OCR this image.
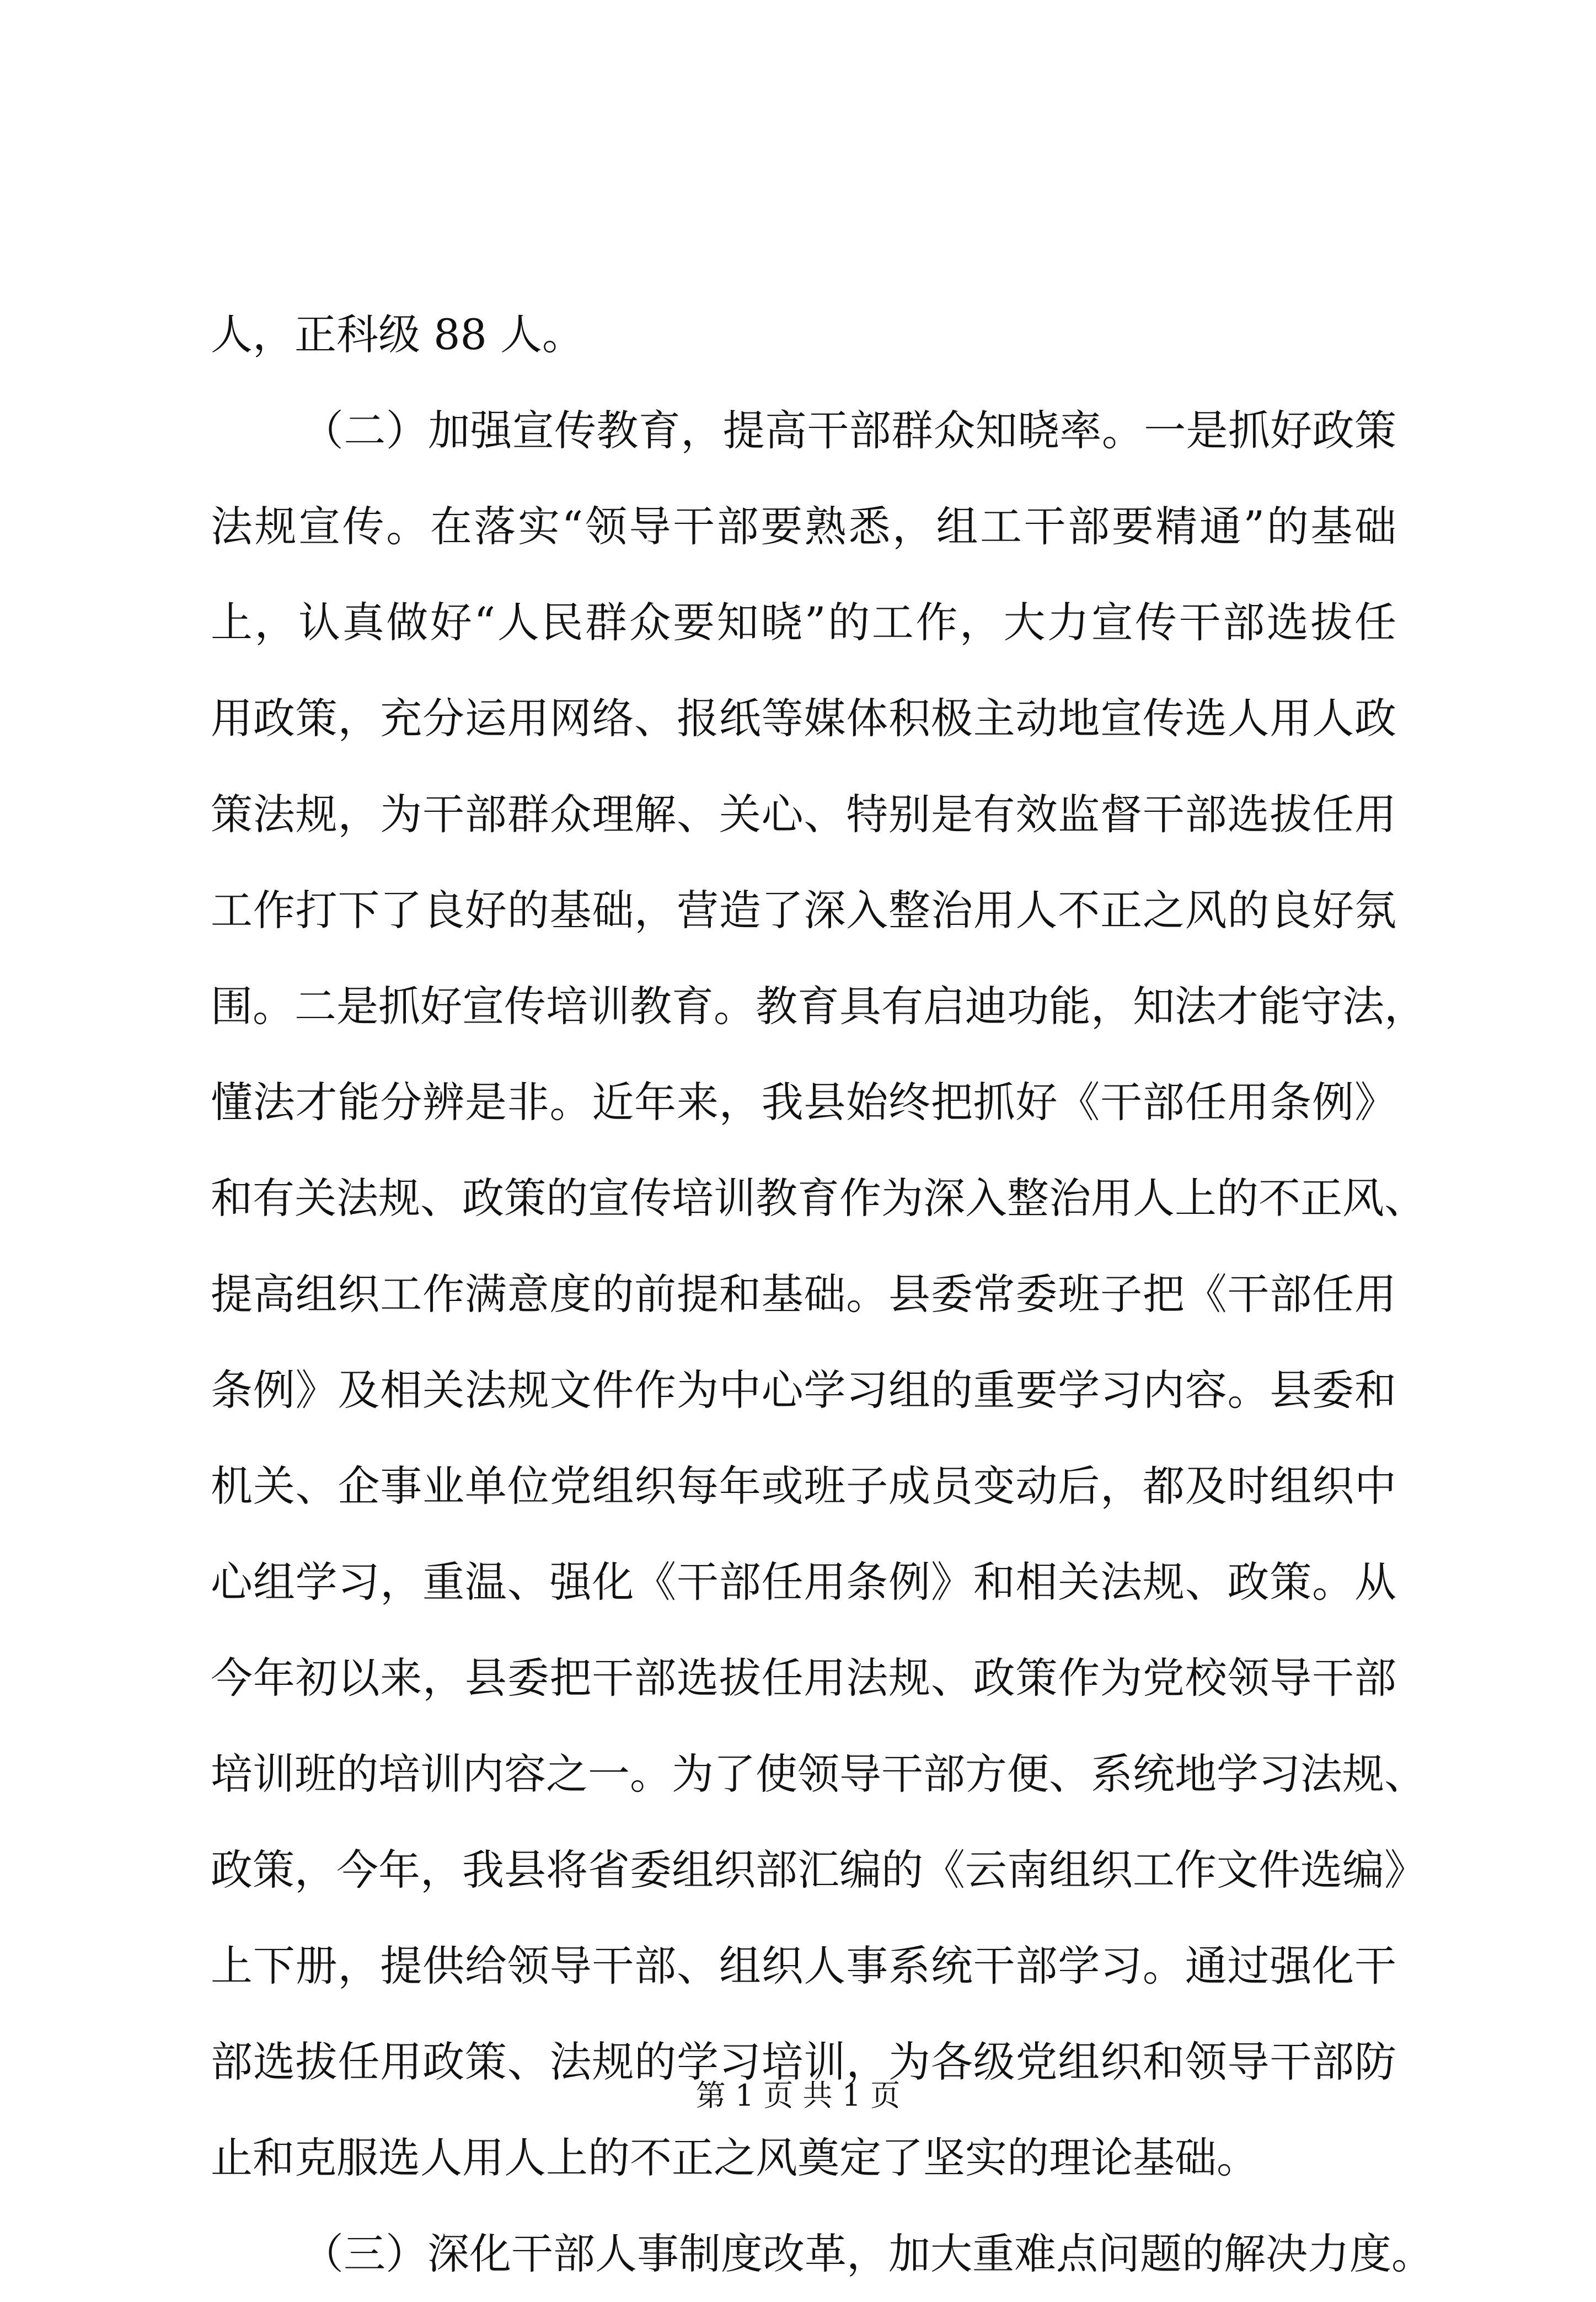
人，正科级 88 人。
（二）加强宣传教育，提高干部群众知晓率。一是抓好政策
法规宣传。在落实“领导干部要熟悉，组工干部要精通”的基础
上，认真做好“人民群众要知晓”的工作，大力宣传干部选拔任
用政策，充分运用网络、报纸等媒体积极主动地宣传选人用人政
策法规，为干部群众理解、关心、特别是有效监督干部选拔任用
工作打下了良好的基础，营造了深入整治用人不正之风的良好氛
围。二是抓好宣传培训教育。教育具有启迪功能，知法才能守法，
懂法才能分辨是非。近年来，我县始终把抓好《干部任用条例》
和有关法规、政策的宣传培训教育作为深入整治用人上的不正风、
提高组织工作满意度的前提和基础。县委常委班子把《干部任用
条例》及相关法规文件作为中心学习组的重要学习内容。县委和
机关、企事业单位党组织每年或班子成员变动后，都及时组织中
心组学习，重温、强化《干部任用条例》和相关法规、政策。从
今年初以来，县委把干部选拔任用法规、政策作为党校领导干部
培训班的培训内容之一。为了使领导干部方便、系统地学习法规、
政策，今年，我县将省委组织部汇编的《云南组织工作文件选编》
上下册，提供给领导干部、组织人事系统干部学习。通过强化干
部选拔任用政策、法规的学习培训，为各级党组织和领导干部防
止和克服选人用人上的不正之风奠定了坚实的理论基础。
（三）深化干部人事制度改革，加大重难点问题的解决力度。
第 1 页 共 1 页
